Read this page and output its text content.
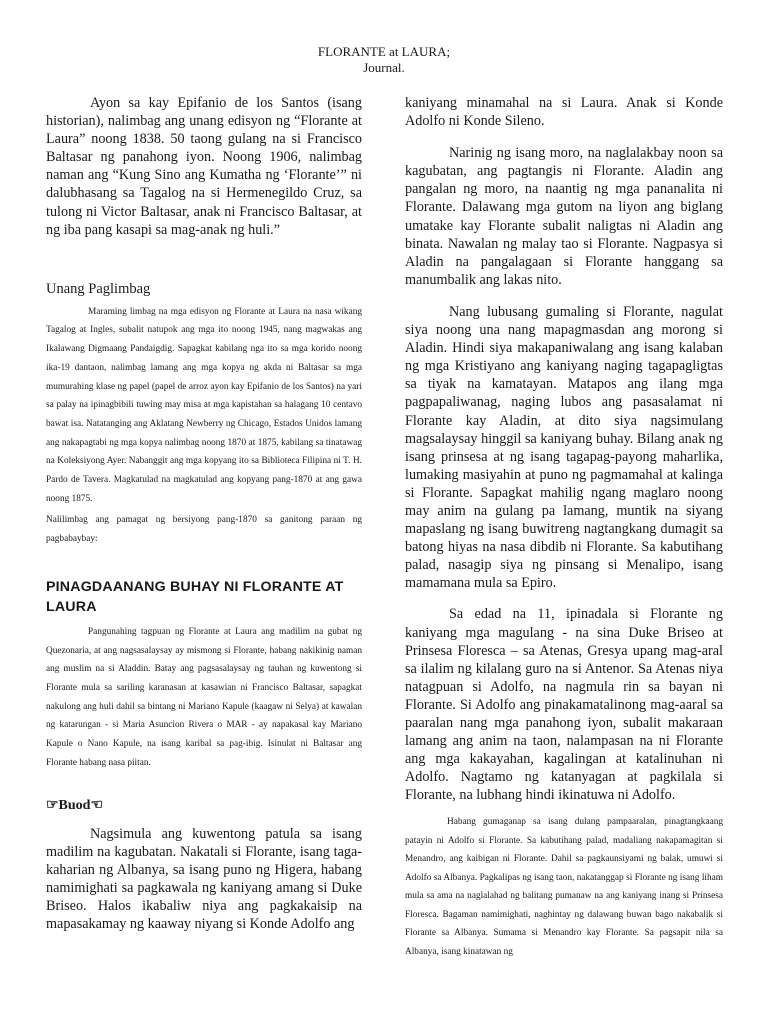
FLORANTE at LAURA;
Journal.

Ayon sa kay Epifanio de los Santos (isang historian), nalimbag ang unang edisyon ng “Florante at Laura” noong 1838. 50 taong gulang na si Francisco Baltasar ng panahong iyon. Noong 1906, nalimbag naman ang “Kung Sino ang Kumatha ng ‘Florante’” ni dalubhasang sa Tagalog na si Hermenegildo Cruz, sa tulong ni Victor Baltasar, anak ni Francisco Baltasar, at ng iba pang kasapi sa mag-anak ng huli.”

Unang Paglimbag

Maraming limbag na mga edisyon ng Florante at Laura na nasa wikang Tagalog at Ingles, subalit natupok ang mga ito noong 1945, nang magwakas ang Ikalawang Digmaang Pandaigdig. Sapagkat kabilang nga ito sa mga korido noong ika-19 dantaon, nalimbag lamang ang mga kopya ng akda ni Baltasar sa mga mumurahing klase ng papel (papel de arroz ayon kay Epifanio de los Santos) na yari sa palay na ipinagbibili tuwing may misa at mga kapistahan sa halagang 10 centavo bawat isa. Natatanging ang Aklatang Newberry ng Chicago, Estados Unidos lamang ang nakapagtabi ng mga kopya nalimbag noong 1870 at 1875, kabilang sa tinatawag na Koleksiyong Ayer. Nabanggit ang mga kopyang ito sa Biblioteca Filipina ni T. H. Pardo de Tavera. Magkatulad na magkatulad ang kopyang pang-1870 at ang gawa noong 1875.

Nalilimbag ang pamagat ng bersiyong pang-1870 sa ganitong paraan ng pagbabaybay:

PINAGDAANANG BUHAY NI FLORANTE AT LAURA

Pangunahing tagpuan ng Florante at Laura ang madilim na gubat ng Quezonaria, at ang nagsasalaysay ay mismong si Florante, habang nakikinig naman ang muslim na si Aladdin. Batay ang pagsasalaysay ng tauhan ng kuwentong si Florante mula sa sariling karanasan at kasawian ni Francisco Baltasar, sapagkat nakulong ang huli dahil sa bintang ni Mariano Kapule (kaagaw ni Selya) at kawalan ng katarungan - si Maria Asuncion Rivera o MAR - ay napakasal kay Mariano Kapule o Nano Kapule, na isang karibal sa pag-ibig. Isinulat ni Baltasar ang Florante habang nasa piitan.

☞Buod☜

Nagsimula ang kuwentong patula sa isang madilim na kagubatan. Nakatali si Florante, isang taga-kaharian ng Albanya, sa isang puno ng Higera, habang namimighati sa pagkawala ng kaniyang amang si Duke Briseo. Halos ikabaliw niya ang pagkakaisip na mapasakamay ng kaaway niyang si Konde Adolfo ang

kaniyang minamahal na si Laura. Anak si Konde Adolfo ni Konde Sileno.

Narinig ng isang moro, na naglalakbay noon sa kagubatan, ang pagtangis ni Florante. Aladin ang pangalan ng moro, na naantig ng mga pananalita ni Florante. Dalawang mga gutom na liyon ang biglang umatake kay Florante subalit naligtas ni Aladin ang binata. Nawalan ng malay tao si Florante. Nagpasya si Aladin na pangalagaan si Florante hanggang sa manumbalik ang lakas nito.

Nang lubusang gumaling si Florante, nagulat siya noong una nang mapagmasdan ang morong si Aladin. Hindi siya makapaniwalang ang isang kalaban ng mga Kristiyano ang kaniyang naging tagapagligtas sa tiyak na kamatayan. Matapos ang ilang mga pagpapaliwanag, naging lubos ang pasasalamat ni Florante kay Aladin, at dito siya nagsimulang magsalaysay hinggil sa kaniyang buhay. Bilang anak ng isang prinsesa at ng isang tagapag-payong maharlika, lumaking masiyahin at puno ng pagmamahal at kalinga si Florante. Sapagkat mahilig ngang maglaro noong may anim na gulang pa lamang, muntik na siyang mapaslang ng isang buwitreng nagtangkang dumagit sa batong hiyas na nasa dibdib ni Florante. Sa kabutihang palad, nasagip siya ng pinsang si Menalipo, isang mamamana mula sa Epiro.

Sa edad na 11, ipinadala si Florante ng kaniyang mga magulang - na sina Duke Briseo at Prinsesa Floresca – sa Atenas, Gresya upang mag-aral sa ilalim ng kilalang guro na si Antenor. Sa Atenas niya natagpuan si Adolfo, na nagmula rin sa bayan ni Florante. Si Adolfo ang pinakamatalinong mag-aaral sa paaralan nang mga panahong iyon, subalit makaraan lamang ang anim na taon, nalampasan na ni Florante ang mga kakayahan, kagalingan at katalinuhan ni Adolfo. Nagtamo ng katanyagan at pagkilala si Florante, na lubhang hindi ikinatuwa ni Adolfo.

Habang gumaganap sa isang dulang pampaaralan, pinagtangkaang patayin ni Adolfo si Florante. Sa kabutihang palad, madaliang nakapamagitan si Menandro, ang kaibigan ni Florante. Dahil sa pagkaunsiyami ng balak, umuwi si Adolfo sa Albanya. Pagkalipas ng isang taon, nakatanggap si Florante ng isang liham mula sa ama na naglalahad ng balitang pumanaw na ang kaniyang inang si Prinsesa Floresca. Bagaman namimighati, naghintay ng dalawang buwan bago nakabalik si Florante sa Albanya. Sumama si Menandro kay Florante. Sa pagsapit nila sa Albanya, isang kinatawan ng
